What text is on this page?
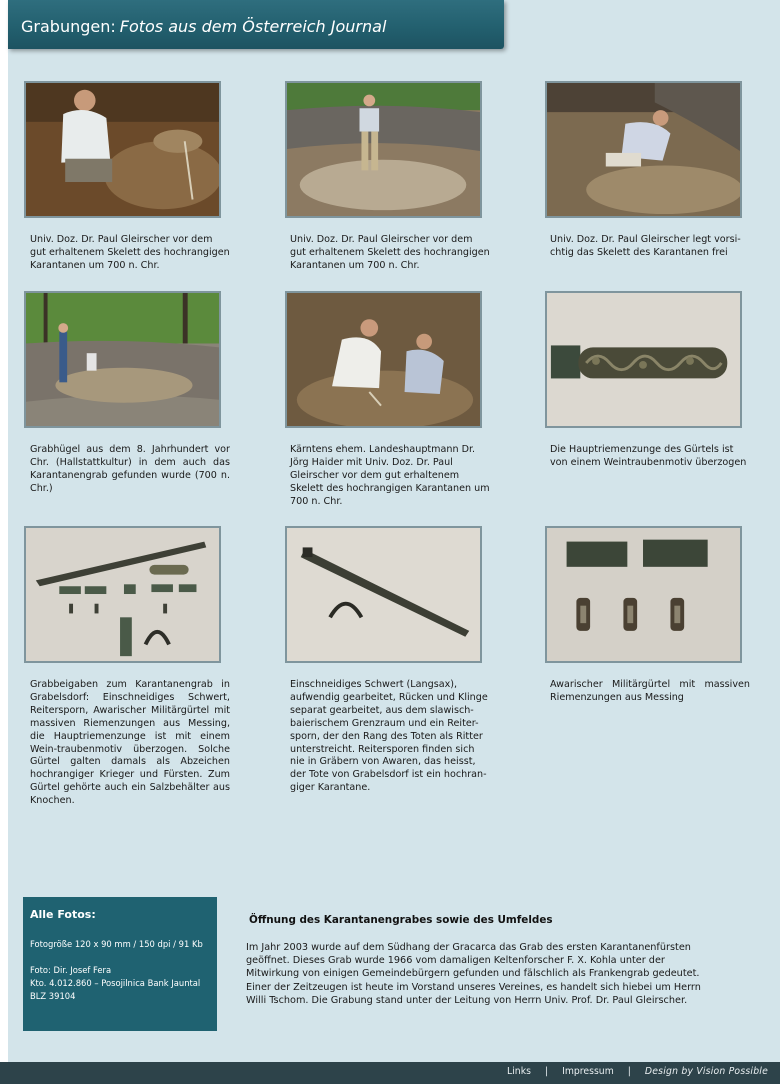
Grabungen: Fotos aus dem Österreich Journal
Univ. Doz. Dr. Paul Gleirscher vor dem gut erhaltenem Skelett des hochrangigen Karantanen um 700 n. Chr.
Univ. Doz. Dr. Paul Gleirscher vor dem gut erhaltenem Skelett des hochrangigen Karantanen um 700 n. Chr.
Univ. Doz. Dr. Paul Gleirscher legt vorsi-chtig das Skelett des Karantanen frei
Grabhügel aus dem 8. Jahrhundert vor Chr. (Hallstattkultur) in dem auch das Karantanengrab gefunden wurde (700 n. Chr.)
Kärntens ehem. Landeshauptmann Dr. Jörg Haider mit Univ. Doz. Dr. Paul Gleirscher vor dem gut erhaltenem Skelett des hochrangigen Karantanen um 700 n. Chr.
Die Hauptriemenzunge des Gürtels ist von einem Weintraubenmotiv überzogen
Grabbeigaben zum Karantanengrab in Grabelsdorf: Einschneidiges Schwert, Reitersporn, Awarischer Militärgürtel mit massiven Riemenzungen aus Messing, die Hauptriemenzunge ist mit einem Wein-traubenmotiv überzogen. Solche Gürtel galten damals als Abzeichen hochrangiger Krieger und Fürsten. Zum Gürtel gehörte auch ein Salzbehälter aus Knochen.
Einschneidiges Schwert (Langsax), aufwendig gearbeitet, Rücken und Klinge separat gearbeitet, aus dem slawisch-baierischem Grenzraum und ein Reiter-sporn, der den Rang des Toten als Ritter unterstreicht. Reitersporen finden sich nie in Gräbern von Awaren, das heisst, der Tote von Grabelsdorf ist ein hochran-giger Karantane.
Awarischer Militärgürtel mit massiven Riemenzungen aus Messing
Alle Fotos:
Fotogröße 120 x 90 mm / 150 dpi / 91 Kb
Foto: Dir. Josef Fera
Kto. 4.012.860 – Posojilnica Bank Jauntal
BLZ 39104
Öffnung des Karantanengrabes sowie des Umfeldes
Im Jahr 2003 wurde auf dem Südhang der Gracarca das Grab des ersten Karantanenfürsten geöffnet. Dieses Grab wurde 1966 vom damaligen Keltenforscher F. X. Kohla unter der Mitwirkung von einigen Gemeindebürgern gefunden und fälschlich als Frankengrab gedeutet. Einer der Zeitzeugen ist heute im Vorstand unseres Vereines, es handelt sich hiebei um Herrn Willi Tschom. Die Grabung stand unter der Leitung von Herrn Univ. Prof. Dr. Paul Gleirscher.
Links | Impressum | Design by Vision Possible
